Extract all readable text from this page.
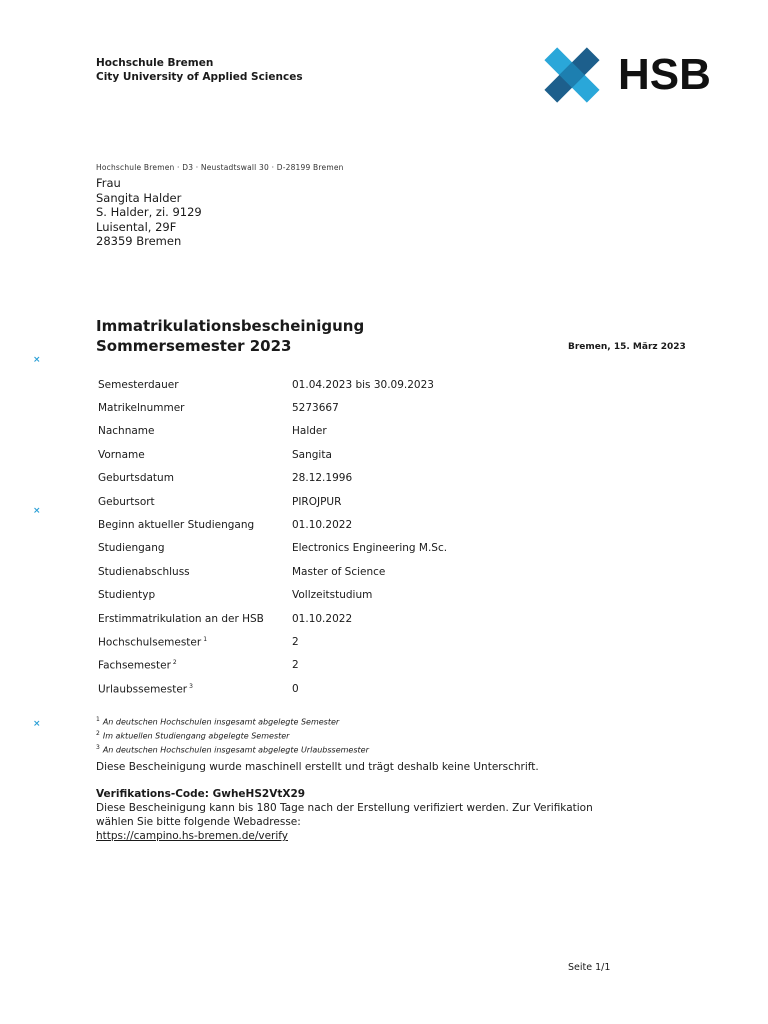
Hochschule Bremen
City University of Applied Sciences	HSB
Hochschule Bremen · D3 · Neustadtswall 30 · D-28199 Bremen
Frau
Sangita Halder
S. Halder, zi. 9129
Luisental, 29F
28359 Bremen
Immatrikulationsbescheinigung
Sommersemester 2023	Bremen, 15. März 2023
×
×
×
Semesterdauer	01.04.2023 bis 30.09.2023
Matrikelnummer	5273667
Nachname	Halder
Vorname	Sangita
Geburtsdatum	28.12.1996
Geburtsort	PIROJPUR
Beginn aktueller Studiengang	01.10.2022
Studiengang	Electronics Engineering M.Sc.
Studienabschluss	Master of Science
Studientyp	Vollzeitstudium
Erstimmatrikulation an der HSB	01.10.2022
Hochschulsemester $^1$	2
Fachsemester $^2$	2
Urlaubssemester $^3$	0
$^1$ An deutschen Hochschulen insgesamt abgelegte Semester
$^2$ Im aktuellen Studiengang abgelegte Semester
$^3$ An deutschen Hochschulen insgesamt abgelegte Urlaubssemester
Diese Bescheinigung wurde maschinell erstellt und trägt deshalb keine Unterschrift.
Verifikations-Code: GwheHS2VtX29
Diese Bescheinigung kann bis 180 Tage nach der Erstellung verifiziert werden. Zur Verifikation
wählen Sie bitte folgende Webadresse:
https://campino.hs-bremen.de/verify
Seite 1/1
